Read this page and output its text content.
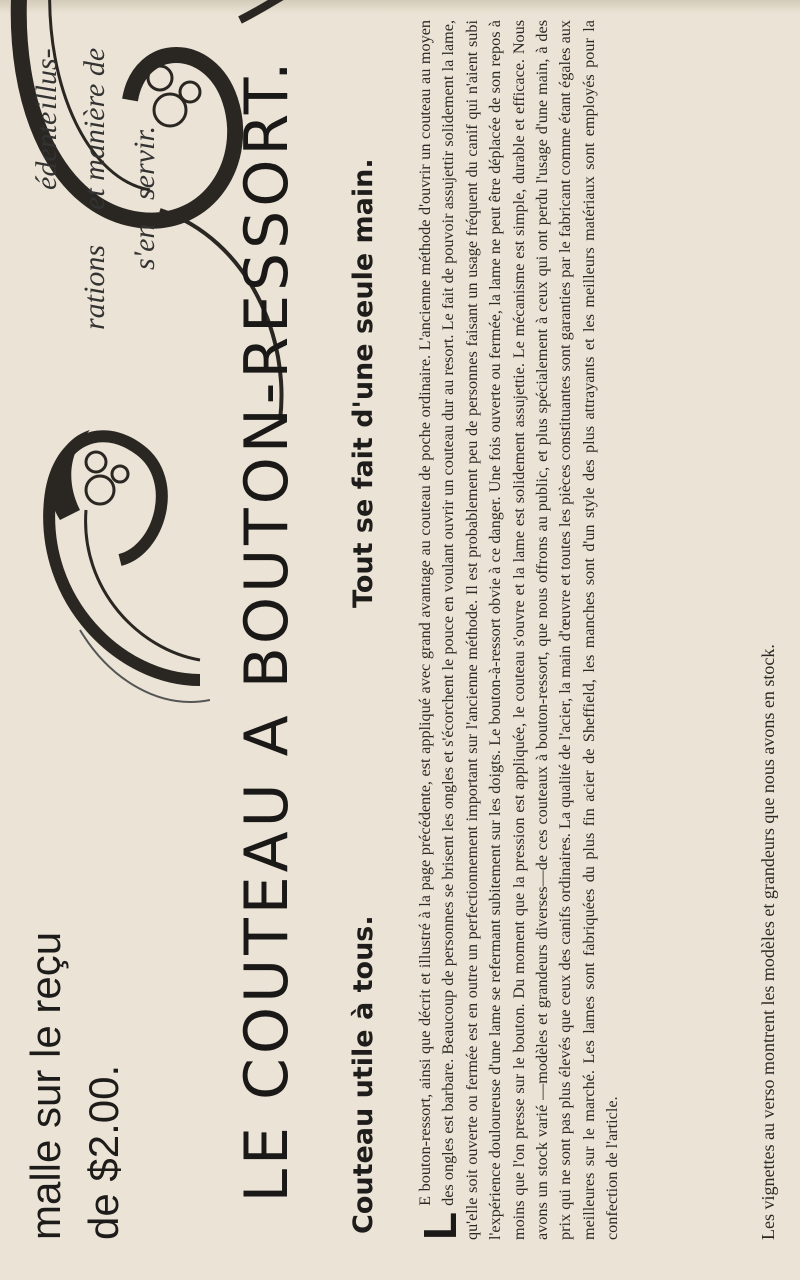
malle sur le reçu de $2.00.
édente
illus-
rations
et manière de
s'en
servir. LE COUTEAU A BOUTON-RESSORT. Couteau utile à tous.
Tout se fait d'une seule main.

L
E bouton-ressort, ainsi que décrit et illustré à la page précédente, est appliqué avec grand avantage au couteau de poche ordinaire. L'ancienne méthode d'ouvrir un couteau au moyen des ongles est barbare. Beaucoup de personnes se brisent les ongles et s'écorchent le pouce en voulant ouvrir un couteau dur au resort. Le fait de pouvoir assujettir solidement la lame, qu'elle soit ouverte ou fermée est en outre un perfectionnement important sur l'ancienne méthode. Il est probablement peu de personnes faisant un usage fréquent du canif qui n'aient subi l'expérience douloureuse d'une lame se refermant subitement sur les doigts. Le bouton-à-ressort obvie à ce danger. Une fois ouverte ou fermée, la lame ne peut être déplacée de son repos à moins que l'on presse sur le bouton. Du moment que la pression est appliquée, le couteau s'ouvre et la lame est solidement assujettie. Le mécanisme est simple, durable et efficace. Nous avons un stock varié —modèles et grandeurs diverses—de ces couteaux à bouton-ressort, que nous offrons au public, et plus spécialement à ceux qui ont perdu l'usage d'une main, à des prix qui ne sont pas plus élevés que ceux des canifs ordinaires. La qualité de l'acier, la main d'œuvre et toutes les pièces constituantes sont garanties par le fabricant comme étant égales aux meilleures sur le marché. Les lames sont fabriquées du plus fin acier de Sheffield, les manches sont d'un style des plus attrayants et les meilleurs matériaux sont employés pour la confection de l'article.	Les vignettes au verso montrent les modèles et grandeurs que nous avons en stock.
